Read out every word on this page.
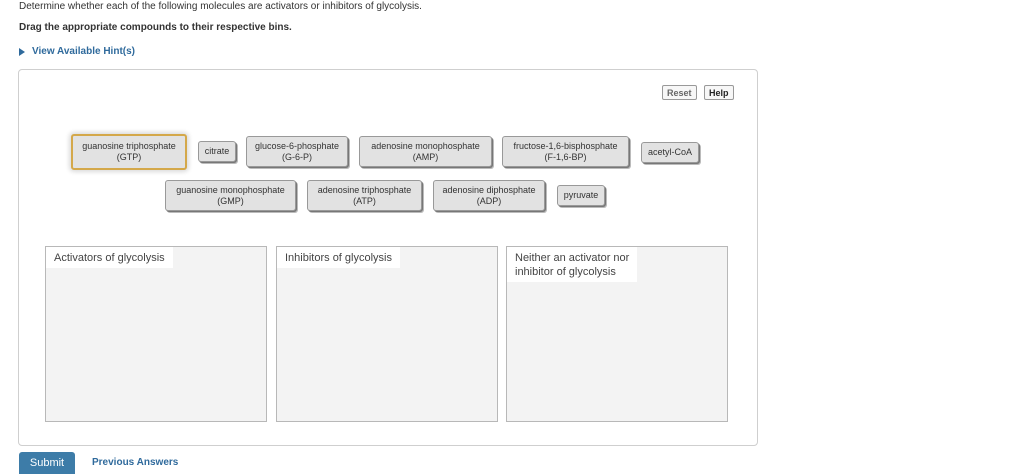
Determine whether each of the following molecules are activators or inhibitors of glycolysis.
Drag the appropriate compounds to their respective bins.
View Available Hint(s)
Reset	Help
guanosine triphosphate
(GTP)
citrate
glucose-6-phosphate
(G-6-P)
adenosine monophosphate
(AMP)
fructose-1,6-bisphosphate
(F-1,6-BP)	acetyl-CoA
guanosine monophosphate
(GMP)
adenosine triphosphate
(ATP)
adenosine diphosphate
(ADP)
pyruvate
Activators of glycolysis	Inhibitors of glycolysis	Neither an activator nor
inhibitor of glycolysis
Submit	Previous Answers
